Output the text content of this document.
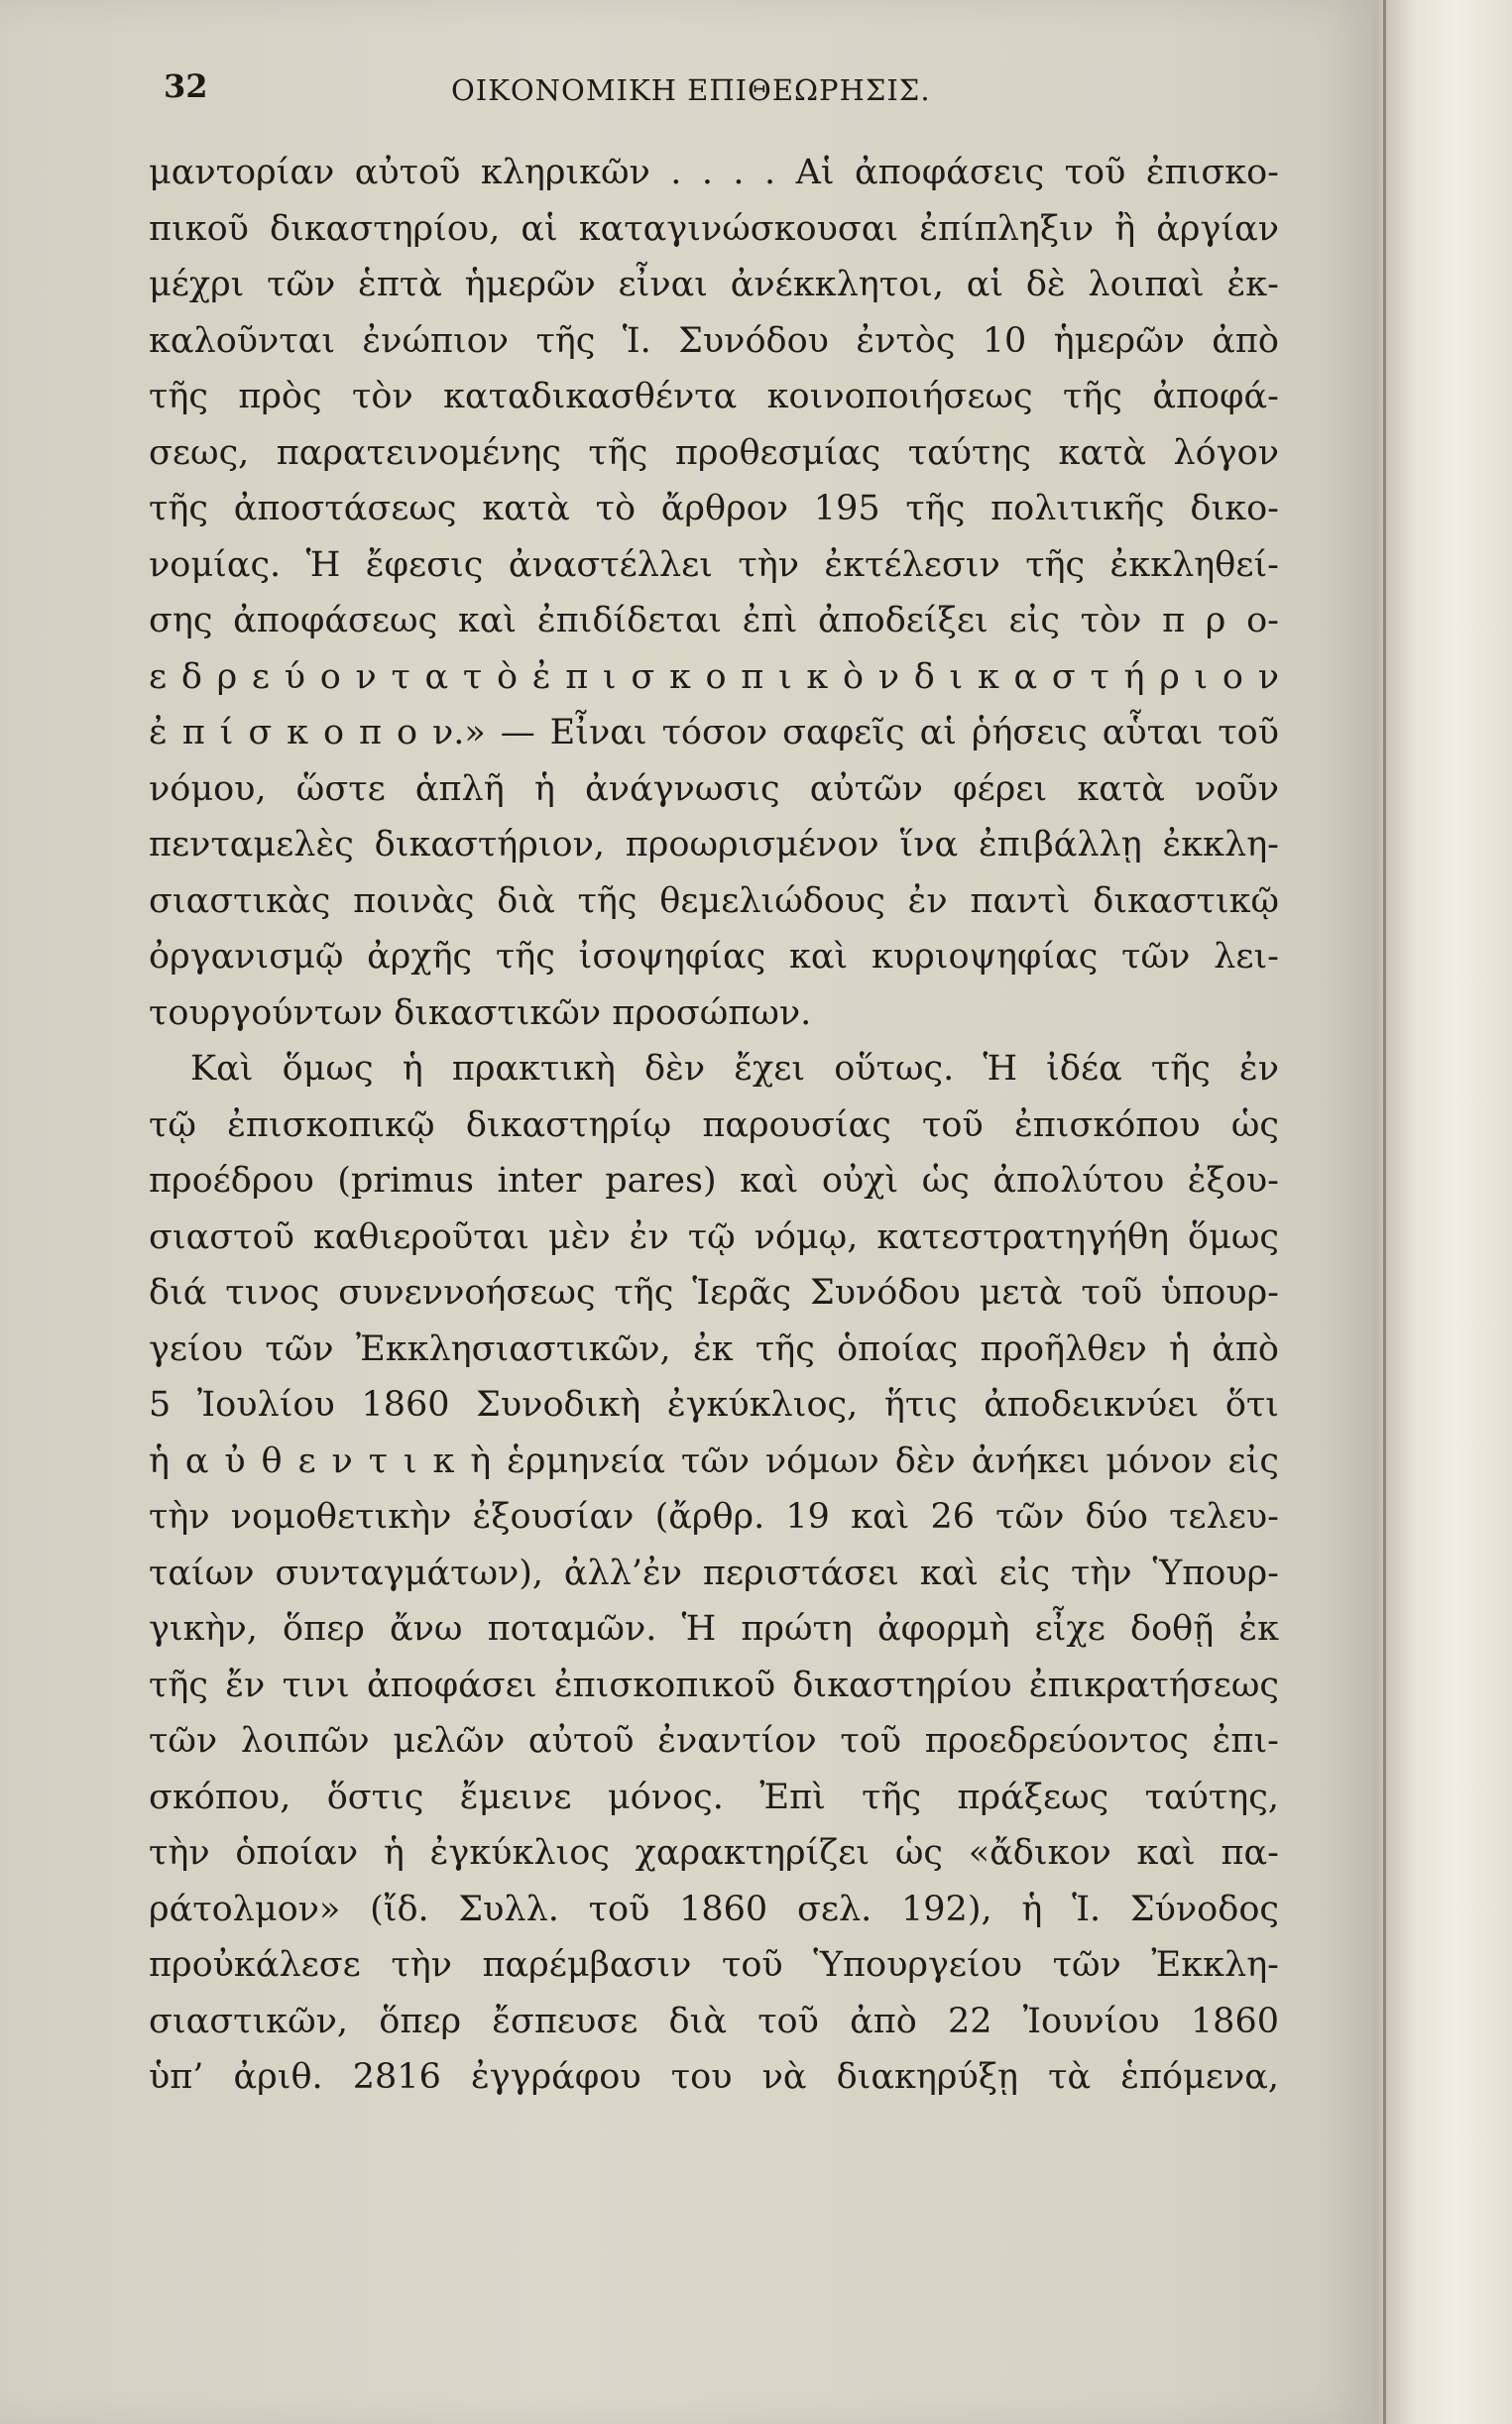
32	ΟΙΚΟΝΟΜΙΚΗ ΕΠΙΘΕΩΡΗΣΙΣ.
μαντορίαν αὐτοῦ κληρικῶν . . . . Αἱ ἀποφάσεις τοῦ ἐπισκο-
πικοῦ δικαστηρίου, αἱ καταγινώσκουσαι ἐπίπληξιν ἢ ἀργίαν
μέχρι τῶν ἑπτὰ ἡμερῶν εἶναι ἀνέκκλητοι, αἱ δὲ λοιπαὶ ἐκ-
καλοῦνται ἐνώπιον τῆς Ἱ. Συνόδου ἐντὸς 10 ἡμερῶν ἀπὸ
τῆς πρὸς τὸν καταδικασθέντα κοινοποιήσεως τῆς ἀποφά-
σεως, παρατεινομένης τῆς προθεσμίας ταύτης κατὰ λόγον
τῆς ἀποστάσεως κατὰ τὸ ἄρθρον 195 τῆς πολιτικῆς δικο-
νομίας. Ἡ ἔφεσις ἀναστέλλει τὴν ἐκτέλεσιν τῆς ἐκκληθεί-
σης ἀποφάσεως καὶ ἐπιδίδεται ἐπὶ ἀποδείξει εἰς τὸν π ρ ο-
ε δ ρ ε ύ ο ν τ α τ ὸ ἐ π ι σ κ ο π ι κ ὸ ν δ ι κ α σ τ ή ρ ι ο ν
ἐ π ί σ κ ο π ο ν.» — Εἶναι τόσον σαφεῖς αἱ ῥήσεις αὗται τοῦ
νόμου, ὥστε ἁπλῆ ἡ ἀνάγνωσις αὐτῶν φέρει κατὰ νοῦν
πενταμελὲς δικαστήριον, προωρισμένον ἵνα ἐπιβάλλῃ ἐκκλη-
σιαστικὰς ποινὰς διὰ τῆς θεμελιώδους ἐν παντὶ δικαστικῷ
ὀργανισμῷ ἀρχῆς τῆς ἰσοψηφίας καὶ κυριοψηφίας τῶν λει-
τουργούντων δικαστικῶν προσώπων.
Καὶ ὅμως ἡ πρακτικὴ δὲν ἔχει οὕτως. Ἡ ἰδέα τῆς ἐν
τῷ ἐπισκοπικῷ δικαστηρίῳ παρουσίας τοῦ ἐπισκόπου ὡς
προέδρου (primus inter pares) καὶ οὐχὶ ὡς ἀπολύτου ἐξου-
σιαστοῦ καθιεροῦται μὲν ἐν τῷ νόμῳ, κατεστρατηγήθη ὅμως
διά τινος συνεννοήσεως τῆς Ἱερᾶς Συνόδου μετὰ τοῦ ὑπουρ-
γείου τῶν Ἐκκλησιαστικῶν, ἐκ τῆς ὁποίας προῆλθεν ἡ ἀπὸ
5 Ἰουλίου 1860 Συνοδικὴ ἐγκύκλιος, ἥτις ἀποδεικνύει ὅτι
ἡ α ὐ θ ε ν τ ι κ ὴ ἑρμηνεία τῶν νόμων δὲν ἀνήκει μόνον εἰς
τὴν νομοθετικὴν ἐξουσίαν (ἄρθρ. 19 καὶ 26 τῶν δύο τελευ-
ταίων συνταγμάτων), ἀλλ’ἐν περιστάσει καὶ εἰς τὴν Ὑπουρ-
γικὴν, ὅπερ ἄνω ποταμῶν. Ἡ πρώτη ἀφορμὴ εἶχε δοθῇ ἐκ
τῆς ἔν τινι ἀποφάσει ἐπισκοπικοῦ δικαστηρίου ἐπικρατήσεως
τῶν λοιπῶν μελῶν αὐτοῦ ἐναντίον τοῦ προεδρεύοντος ἐπι-
σκόπου, ὅστις ἔμεινε μόνος. Ἐπὶ τῆς πράξεως ταύτης,
τὴν ὁποίαν ἡ ἐγκύκλιος χαρακτηρίζει ὡς «ἄδικον καὶ πα-
ράτολμον» (ἴδ. Συλλ. τοῦ 1860 σελ. 192), ἡ Ἱ. Σύνοδος
προὐκάλεσε τὴν παρέμβασιν τοῦ Ὑπουργείου τῶν Ἐκκλη-
σιαστικῶν, ὅπερ ἔσπευσε διὰ τοῦ ἀπὸ 22 Ἰουνίου 1860
ὑπ’ ἀριθ. 2816 ἐγγράφου του νὰ διακηρύξῃ τὰ ἑπόμενα,
